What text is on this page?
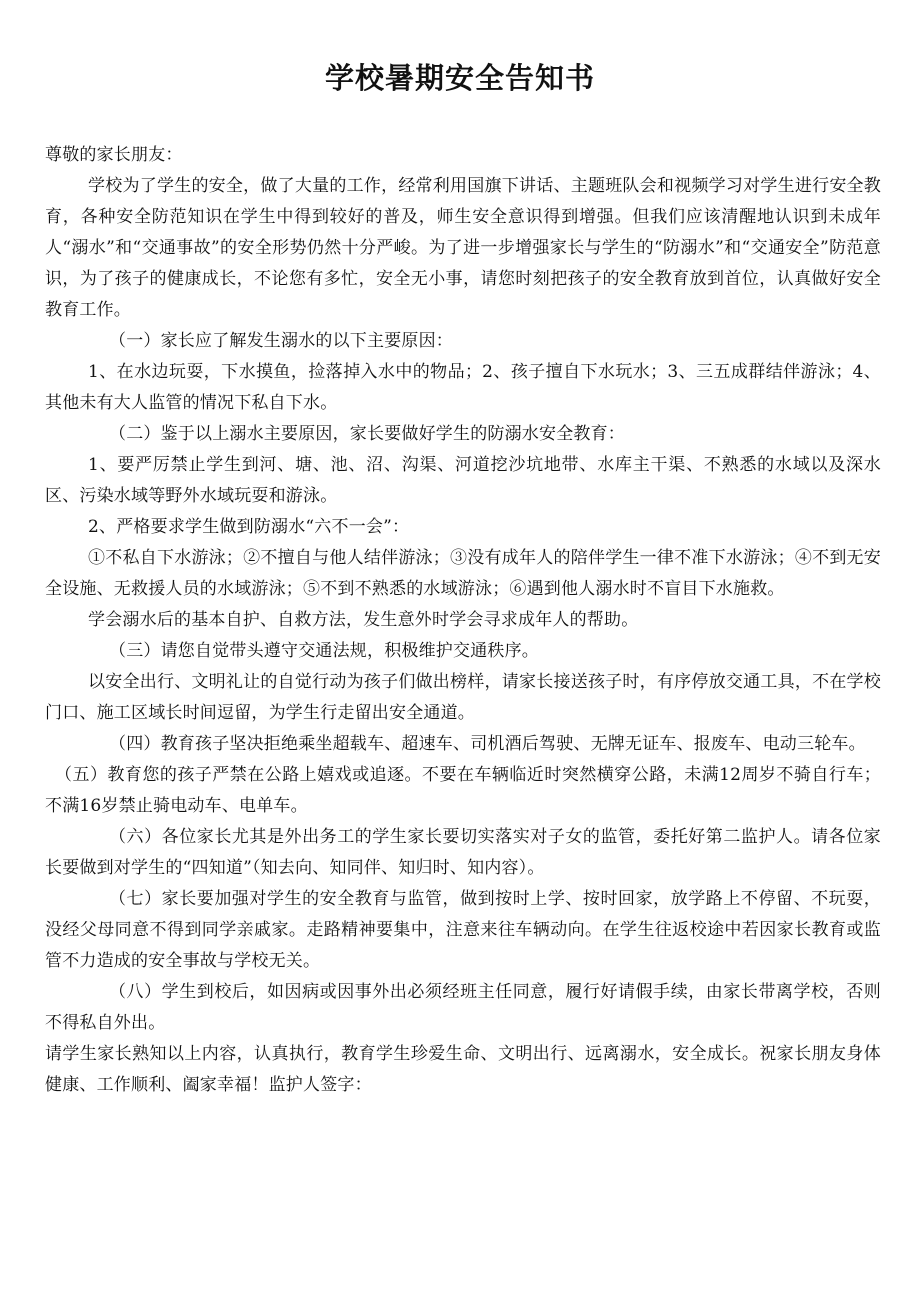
学校暑期安全告知书

尊敬的家长朋友：

学校为了学生的安全，做了大量的工作，经常利用国旗下讲话、主题班队会和视频学习对学生进行安全教育，各种安全防范知识在学生中得到较好的普及，师生安全意识得到增强。但我们应该清醒地认识到未成年人“溺水”和“交通事故”的安全形势仍然十分严峻。为了进一步增强家长与学生的“防溺水”和“交通安全”防范意识，为了孩子的健康成长，不论您有多忙，安全无小事，请您时刻把孩子的安全教育放到首位，认真做好安全教育工作。

（一）家长应了解发生溺水的以下主要原因：

1、在水边玩耍，下水摸鱼，捡落掉入水中的物品；2、孩子擅自下水玩水；3、三五成群结伴游泳；4、其他未有大人监管的情况下私自下水。

（二）鉴于以上溺水主要原因，家长要做好学生的防溺水安全教育：

1、要严厉禁止学生到河、塘、池、沼、沟渠、河道挖沙坑地带、水库主干渠、不熟悉的水域以及深水区、污染水域等野外水域玩耍和游泳。

2、严格要求学生做到防溺水“六不一会”：

①不私自下水游泳；②不擅自与他人结伴游泳；③没有成年人的陪伴学生一律不准下水游泳；④不到无安全设施、无救援人员的水域游泳；⑤不到不熟悉的水域游泳；⑥遇到他人溺水时不盲目下水施救。

学会溺水后的基本自护、自救方法，发生意外时学会寻求成年人的帮助。

（三）请您自觉带头遵守交通法规，积极维护交通秩序。

以安全出行、文明礼让的自觉行动为孩子们做出榜样，请家长接送孩子时，有序停放交通工具，不在学校门口、施工区域长时间逗留，为学生行走留出安全通道。

（四）教育孩子坚决拒绝乘坐超载车、超速车、司机酒后驾驶、无牌无证车、报废车、电动三轮车。

（五）教育您的孩子严禁在公路上嬉戏或追逐。不要在车辆临近时突然横穿公路，未满12周岁不骑自行车；不满16岁禁止骑电动车、电单车。

（六）各位家长尤其是外出务工的学生家长要切实落实对子女的监管，委托好第二监护人。请各位家长要做到对学生的“四知道”（知去向、知同伴、知归时、知内容）。

（七）家长要加强对学生的安全教育与监管，做到按时上学、按时回家，放学路上不停留、不玩耍，没经父母同意不得到同学亲戚家。走路精神要集中，注意来往车辆动向。在学生往返校途中若因家长教育或监管不力造成的安全事故与学校无关。

（八）学生到校后，如因病或因事外出必须经班主任同意，履行好请假手续，由家长带离学校，否则不得私自外出。

请学生家长熟知以上内容，认真执行，教育学生珍爱生命、文明出行、远离溺水，安全成长。祝家长朋友身体健康、工作顺利、阖家幸福！监护人签字：
